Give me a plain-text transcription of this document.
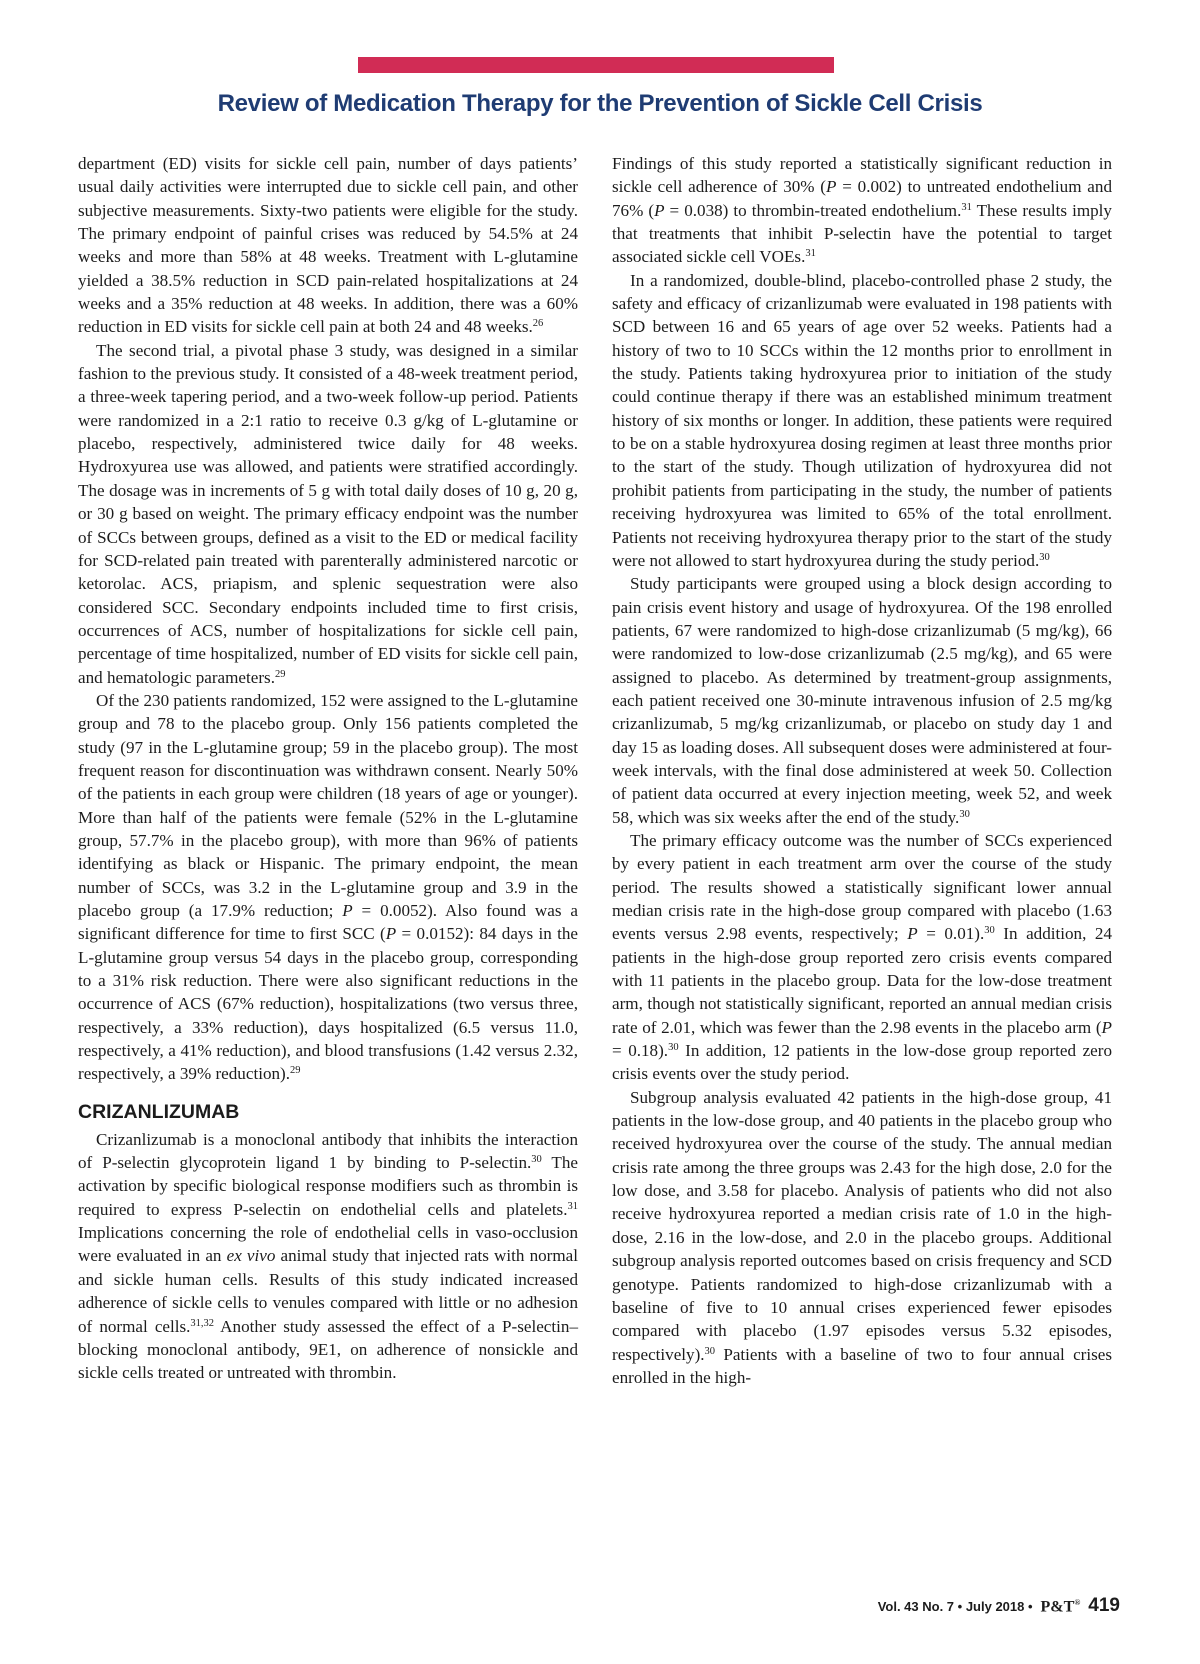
Review of Medication Therapy for the Prevention of Sickle Cell Crisis

department (ED) visits for sickle cell pain, number of days patients’ usual daily activities were interrupted due to sickle cell pain, and other subjective measurements. Sixty-two patients were eligible for the study. The primary endpoint of painful crises was reduced by 54.5% at 24 weeks and more than 58% at 48 weeks. Treatment with L-glutamine yielded a 38.5% reduction in SCD pain-related hospitalizations at 24 weeks and a 35% reduction at 48 weeks. In addition, there was a 60% reduction in ED visits for sickle cell pain at both 24 and 48 weeks.$^{26}$

The second trial, a pivotal phase 3 study, was designed in a similar fashion to the previous study. It consisted of a 48-week treatment period, a three-week tapering period, and a two-week follow-up period. Patients were randomized in a 2:1 ratio to receive 0.3 g/kg of L-glutamine or placebo, respectively, administered twice daily for 48 weeks. Hydroxyurea use was allowed, and patients were stratified accordingly. The dosage was in increments of 5 g with total daily doses of 10 g, 20 g, or 30 g based on weight. The primary efficacy endpoint was the number of SCCs between groups, defined as a visit to the ED or medical facility for SCD-related pain treated with parenterally administered narcotic or ketorolac. ACS, priapism, and splenic sequestration were also considered SCC. Secondary endpoints included time to first crisis, occurrences of ACS, number of hospitalizations for sickle cell pain, percentage of time hospitalized, number of ED visits for sickle cell pain, and hematologic parameters.$^{29}$

Of the 230 patients randomized, 152 were assigned to the L-glutamine group and 78 to the placebo group. Only 156 patients completed the study (97 in the L-glutamine group; 59 in the placebo group). The most frequent reason for discontinuation was withdrawn consent. Nearly 50% of the patients in each group were children (18 years of age or younger). More than half of the patients were female (52% in the L-glutamine group, 57.7% in the placebo group), with more than 96% of patients identifying as black or Hispanic. The primary endpoint, the mean number of SCCs, was 3.2 in the L-glutamine group and 3.9 in the placebo group (a 17.9% reduction; P = 0.0052). Also found was a significant difference for time to first SCC (P = 0.0152): 84 days in the L-glutamine group versus 54 days in the placebo group, corresponding to a 31% risk reduction. There were also significant reductions in the occurrence of ACS (67% reduction), hospitalizations (two versus three, respectively, a 33% reduction), days hospitalized (6.5 versus 11.0, respectively, a 41% reduction), and blood transfusions (1.42 versus 2.32, respectively, a 39% reduction).$^{29}$

CRIZANLIZUMAB

Crizanlizumab is a monoclonal antibody that inhibits the interaction of P-selectin glycoprotein ligand 1 by binding to P-selectin.$^{30}$ The activation by specific biological response modifiers such as thrombin is required to express P-selectin on endothelial cells and platelets.$^{31}$ Implications concerning the role of endothelial cells in vaso-occlusion were evaluated in an ex vivo animal study that injected rats with normal and sickle human cells. Results of this study indicated increased adherence of sickle cells to venules compared with little or no adhesion of normal cells.$^{31,32}$ Another study assessed the effect of a P-selectin–blocking monoclonal antibody, 9E1, on adherence of nonsickle and sickle cells treated or untreated with thrombin.

Findings of this study reported a statistically significant reduction in sickle cell adherence of 30% (P = 0.002) to untreated endothelium and 76% (P = 0.038) to thrombin-treated endothelium.$^{31}$ These results imply that treatments that inhibit P-selectin have the potential to target associated sickle cell VOEs.$^{31}$

In a randomized, double-blind, placebo-controlled phase 2 study, the safety and efficacy of crizanlizumab were evaluated in 198 patients with SCD between 16 and 65 years of age over 52 weeks. Patients had a history of two to 10 SCCs within the 12 months prior to enrollment in the study. Patients taking hydroxyurea prior to initiation of the study could continue therapy if there was an established minimum treatment history of six months or longer. In addition, these patients were required to be on a stable hydroxyurea dosing regimen at least three months prior to the start of the study. Though utilization of hydroxyurea did not prohibit patients from participating in the study, the number of patients receiving hydroxyurea was limited to 65% of the total enrollment. Patients not receiving hydroxyurea therapy prior to the start of the study were not allowed to start hydroxyurea during the study period.$^{30}$

Study participants were grouped using a block design according to pain crisis event history and usage of hydroxyurea. Of the 198 enrolled patients, 67 were randomized to high-dose crizanlizumab (5 mg/kg), 66 were randomized to low-dose crizanlizumab (2.5 mg/kg), and 65 were assigned to placebo. As determined by treatment-group assignments, each patient received one 30-minute intravenous infusion of 2.5 mg/kg crizanlizumab, 5 mg/kg crizanlizumab, or placebo on study day 1 and day 15 as loading doses. All subsequent doses were administered at four-week intervals, with the final dose administered at week 50. Collection of patient data occurred at every injection meeting, week 52, and week 58, which was six weeks after the end of the study.$^{30}$

The primary efficacy outcome was the number of SCCs experienced by every patient in each treatment arm over the course of the study period. The results showed a statistically significant lower annual median crisis rate in the high-dose group compared with placebo (1.63 events versus 2.98 events, respectively; P = 0.01).$^{30}$ In addition, 24 patients in the high-dose group reported zero crisis events compared with 11 patients in the placebo group. Data for the low-dose treatment arm, though not statistically significant, reported an annual median crisis rate of 2.01, which was fewer than the 2.98 events in the placebo arm (P = 0.18).$^{30}$ In addition, 12 patients in the low-dose group reported zero crisis events over the study period.

Subgroup analysis evaluated 42 patients in the high-dose group, 41 patients in the low-dose group, and 40 patients in the placebo group who received hydroxyurea over the course of the study. The annual median crisis rate among the three groups was 2.43 for the high dose, 2.0 for the low dose, and 3.58 for placebo. Analysis of patients who did not also receive hydroxyurea reported a median crisis rate of 1.0 in the high-dose, 2.16 in the low-dose, and 2.0 in the placebo groups. Additional subgroup analysis reported outcomes based on crisis frequency and SCD genotype. Patients randomized to high-dose crizanlizumab with a baseline of five to 10 annual crises experienced fewer episodes compared with placebo (1.97 episodes versus 5.32 episodes, respectively).$^{30}$ Patients with a baseline of two to four annual crises enrolled in the high-

Vol. 43 No. 7 • July 2018 • P&T® 419
